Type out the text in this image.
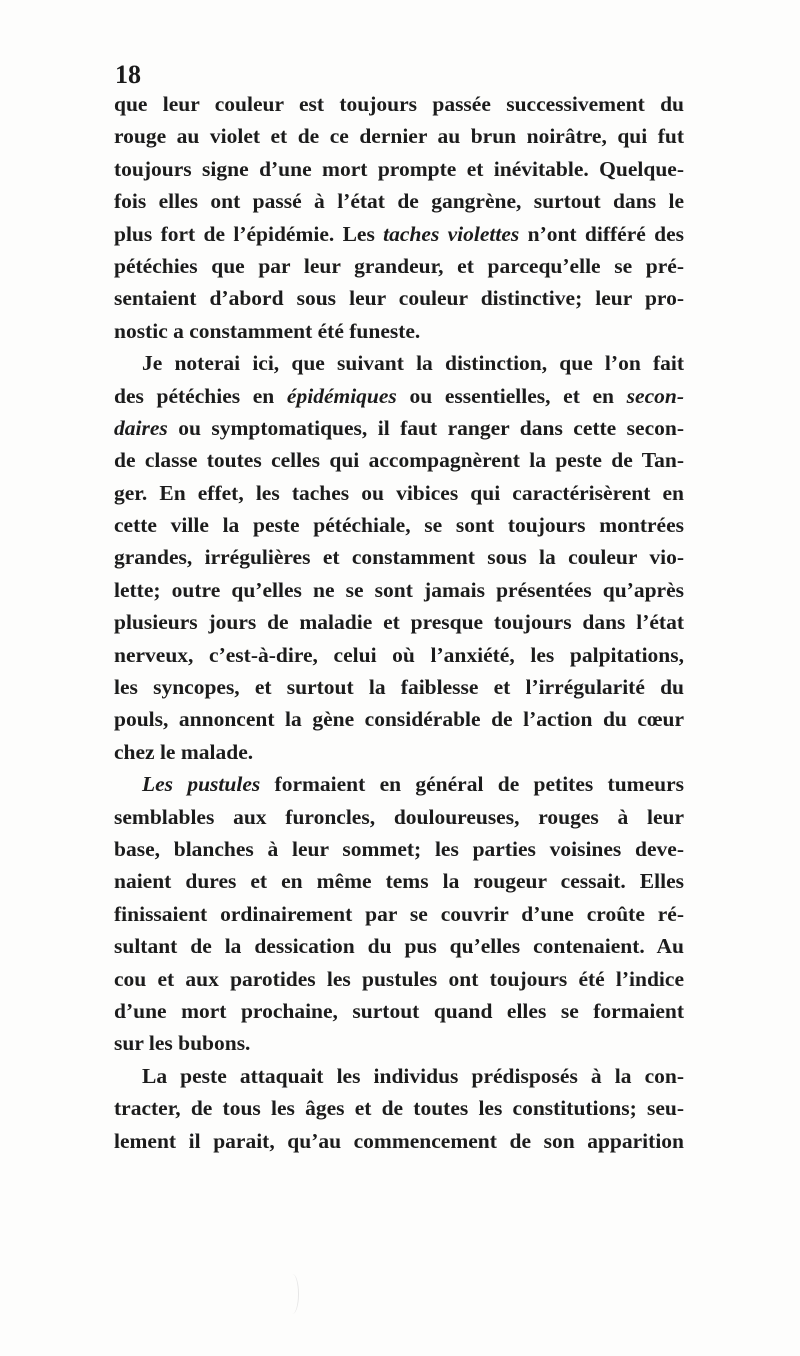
18
que leur couleur est toujours passée successivement du
rouge au violet et de ce dernier au brun noirâtre, qui fut
toujours signe d’une mort prompte et inévitable. Quelque-
fois elles ont passé à l’état de gangrène, surtout dans le
plus fort de l’épidémie. Les taches violettes n’ont différé des
pétéchies que par leur grandeur, et parcequ’elle se pré-
sentaient d’abord sous leur couleur distinctive; leur pro-
nostic a constamment été funeste.
Je noterai ici, que suivant la distinction, que l’on fait
des pétéchies en épidémiques ou essentielles, et en secon-
daires ou symptomatiques, il faut ranger dans cette secon-
de classe toutes celles qui accompagnèrent la peste de Tan-
ger. En effet, les taches ou vibices qui caractérisèrent en
cette ville la peste pétéchiale, se sont toujours montrées
grandes, irrégulières et constamment sous la couleur vio-
lette; outre qu’elles ne se sont jamais présentées qu’après
plusieurs jours de maladie et presque toujours dans l’état
nerveux, c’est-à-dire, celui où l’anxiété, les palpitations,
les syncopes, et surtout la faiblesse et l’irrégularité du
pouls, annoncent la gène considérable de l’action du cœur
chez le malade.
Les pustules formaient en général de petites tumeurs
semblables aux furoncles, douloureuses, rouges à leur
base, blanches à leur sommet; les parties voisines deve-
naient dures et en même tems la rougeur cessait. Elles
finissaient ordinairement par se couvrir d’une croûte ré-
sultant de la dessication du pus qu’elles contenaient. Au
cou et aux parotides les pustules ont toujours été l’indice
d’une mort prochaine, surtout quand elles se formaient
sur les bubons.
La peste attaquait les individus prédisposés à la con-
tracter, de tous les âges et de toutes les constitutions; seu-
lement il parait, qu’au commencement de son apparition
